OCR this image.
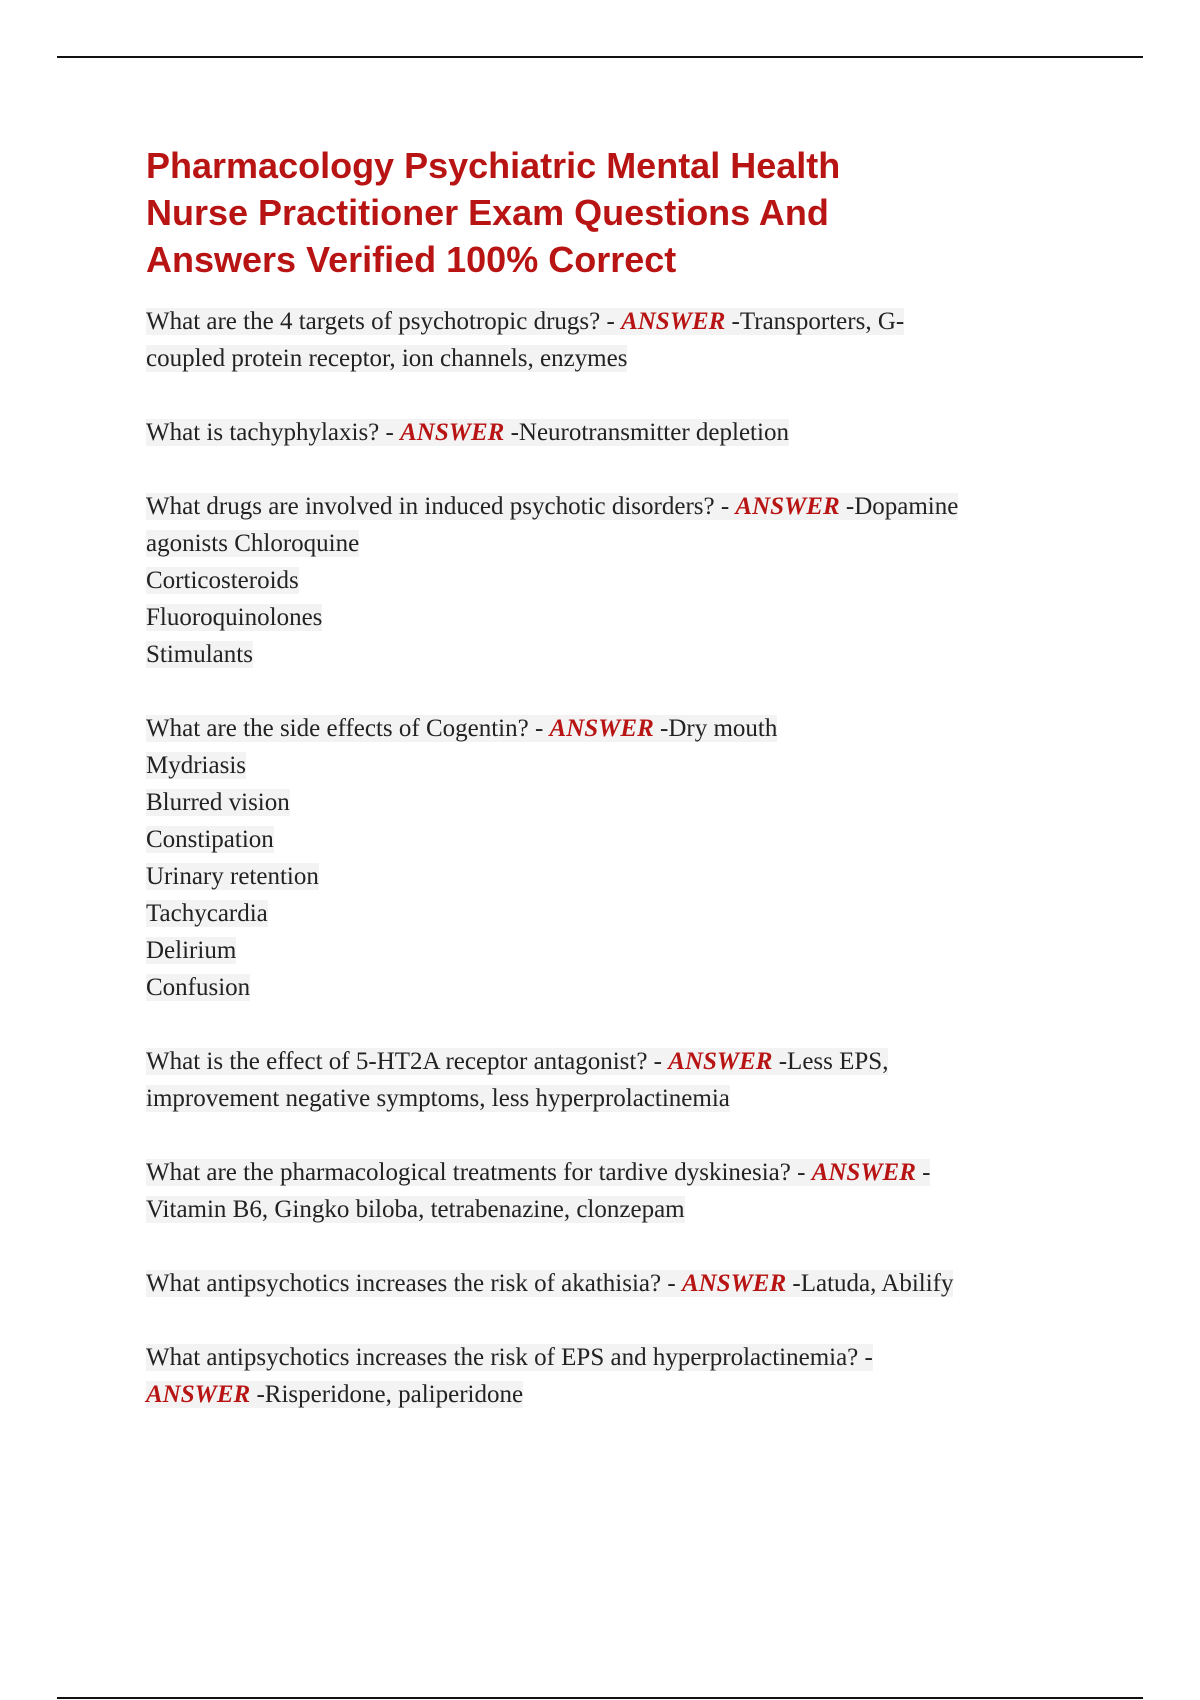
Pharmacology Psychiatric Mental Health
Nurse Practitioner Exam Questions And
Answers Verified 100% Correct
What are the 4 targets of psychotropic drugs? - ANSWER -Transporters, G-
coupled protein receptor, ion channels, enzymes
What is tachyphylaxis? - ANSWER -Neurotransmitter depletion
What drugs are involved in induced psychotic disorders? - ANSWER -Dopamine
agonists Chloroquine
Corticosteroids
Fluoroquinolones
Stimulants
What are the side effects of Cogentin? - ANSWER -Dry mouth
Mydriasis
Blurred vision
Constipation
Urinary retention
Tachycardia
Delirium
Confusion
What is the effect of 5-HT2A receptor antagonist? - ANSWER -Less EPS,
improvement negative symptoms, less hyperprolactinemia
What are the pharmacological treatments for tardive dyskinesia? - ANSWER -
Vitamin B6, Gingko biloba, tetrabenazine, clonzepam
What antipsychotics increases the risk of akathisia? - ANSWER -Latuda, Abilify
What antipsychotics increases the risk of EPS and hyperprolactinemia? -
ANSWER -Risperidone, paliperidone
